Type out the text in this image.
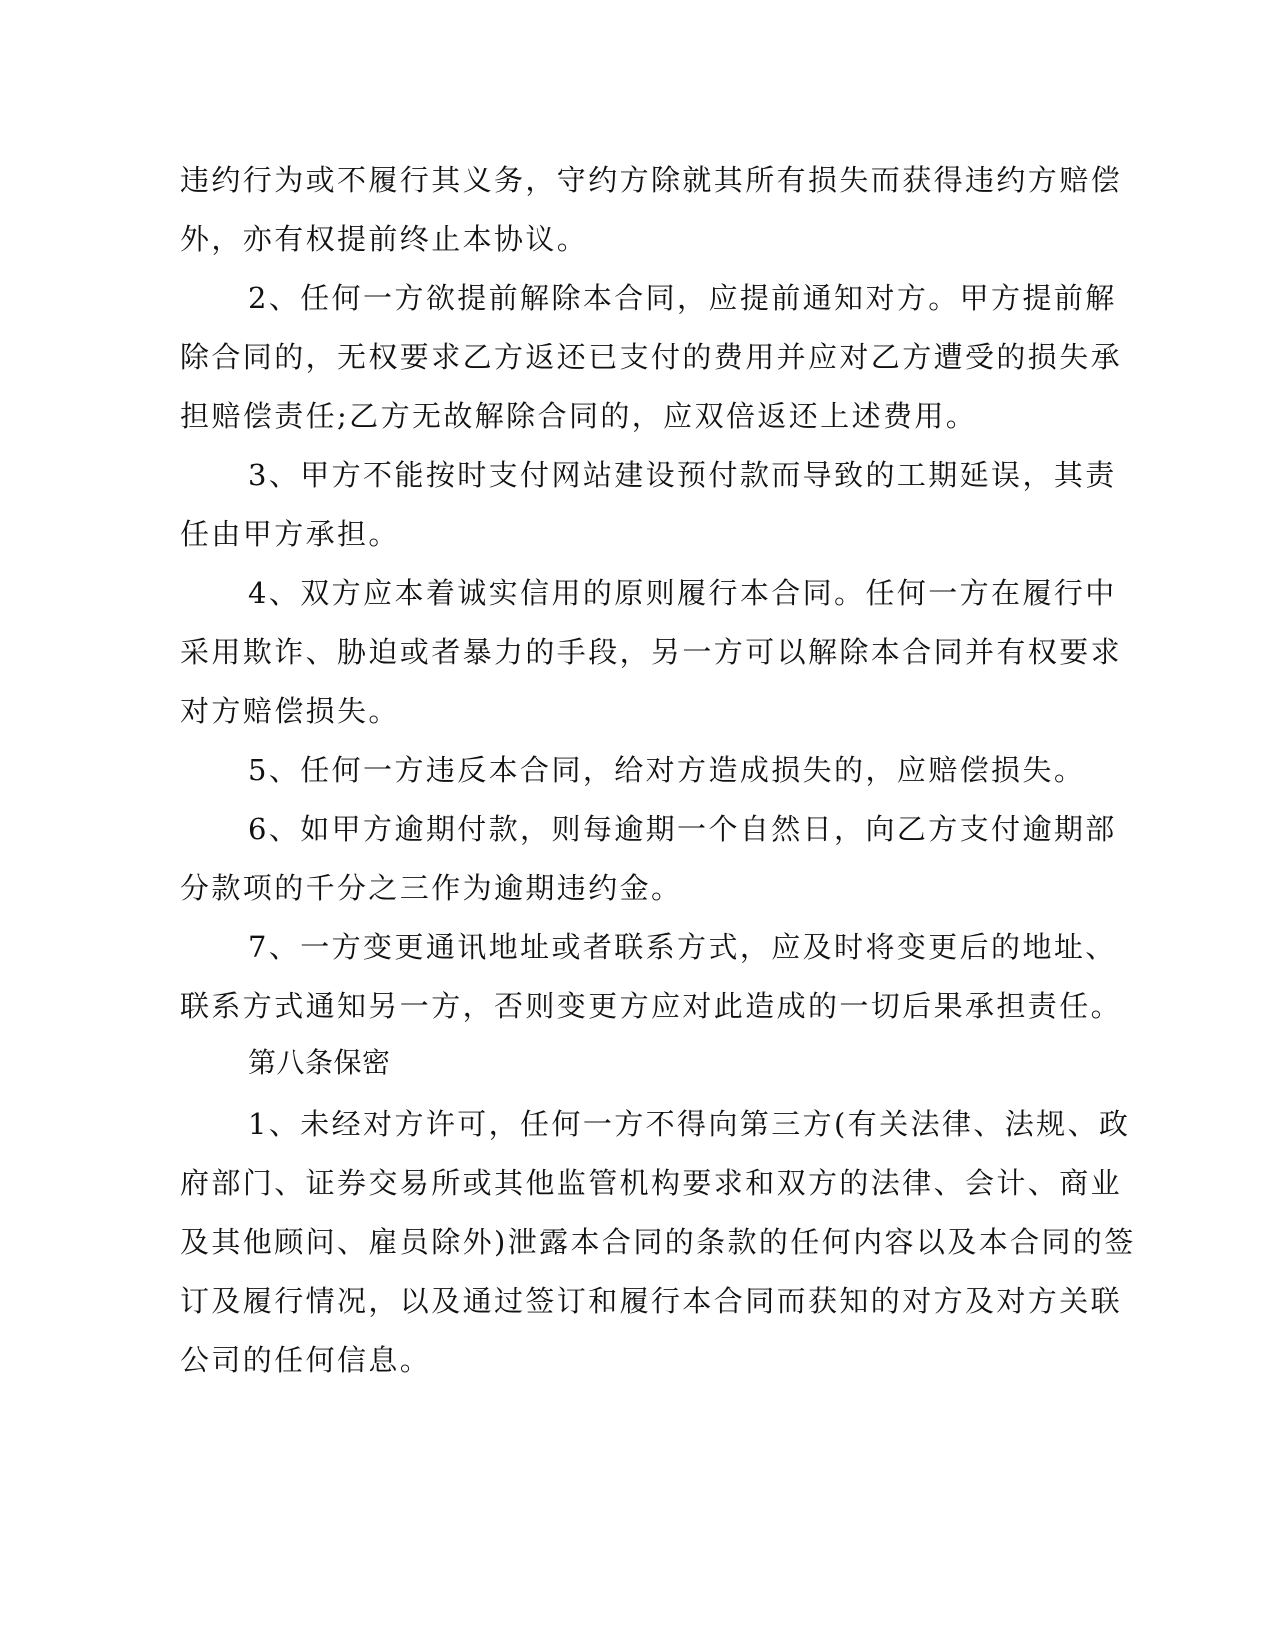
违约行为或不履行其义务，守约方除就其所有损失而获得违约方赔偿
外，亦有权提前终止本协议。
2、任何一方欲提前解除本合同，应提前通知对方。甲方提前解
除合同的，无权要求乙方返还已支付的费用并应对乙方遭受的损失承
担赔偿责任;乙方无故解除合同的，应双倍返还上述费用。
3、甲方不能按时支付网站建设预付款而导致的工期延误，其责
任由甲方承担。
4、双方应本着诚实信用的原则履行本合同。任何一方在履行中
采用欺诈、胁迫或者暴力的手段，另一方可以解除本合同并有权要求
对方赔偿损失。
5、任何一方违反本合同，给对方造成损失的，应赔偿损失。
6、如甲方逾期付款，则每逾期一个自然日，向乙方支付逾期部
分款项的千分之三作为逾期违约金。
7、一方变更通讯地址或者联系方式，应及时将变更后的地址、
联系方式通知另一方，否则变更方应对此造成的一切后果承担责任。
第八条保密
1、未经对方许可，任何一方不得向第三方(有关法律、法规、政
府部门、证券交易所或其他监管机构要求和双方的法律、会计、商业
及其他顾问、雇员除外)泄露本合同的条款的任何内容以及本合同的签
订及履行情况，以及通过签订和履行本合同而获知的对方及对方关联
公司的任何信息。
